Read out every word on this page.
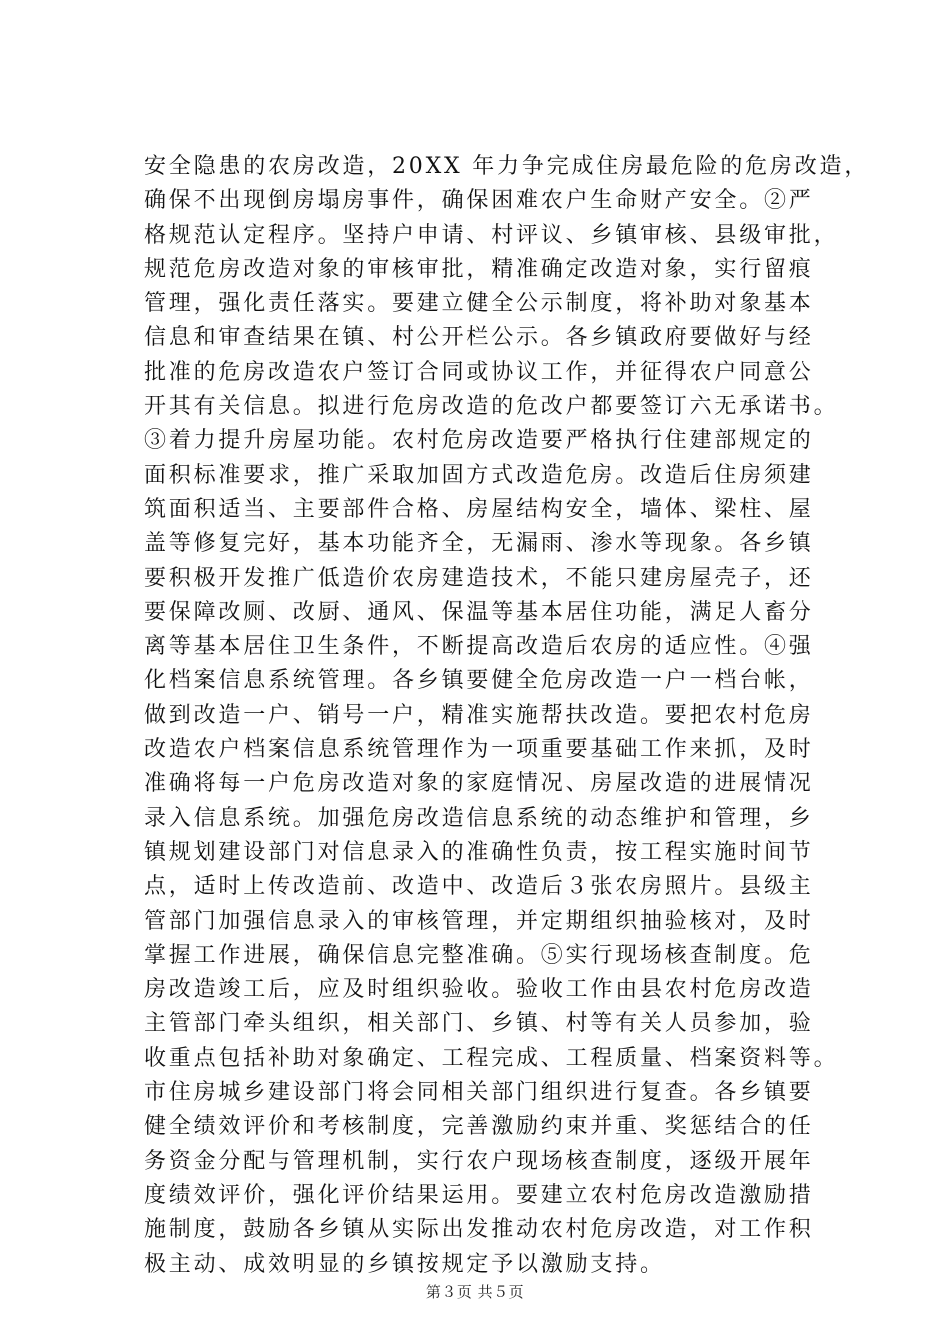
安全隐患的农房改造，20XX 年力争完成住房最危险的危房改造，
确保不出现倒房塌房事件，确保困难农户生命财产安全。②严
格规范认定程序。坚持户申请、村评议、乡镇审核、县级审批，
规范危房改造对象的审核审批，精准确定改造对象，实行留痕
管理，强化责任落实。要建立健全公示制度，将补助对象基本
信息和审查结果在镇、村公开栏公示。各乡镇政府要做好与经
批准的危房改造农户签订合同或协议工作，并征得农户同意公
开其有关信息。拟进行危房改造的危改户都要签订六无承诺书。
③着力提升房屋功能。农村危房改造要严格执行住建部规定的
面积标准要求，推广采取加固方式改造危房。改造后住房须建
筑面积适当、主要部件合格、房屋结构安全，墙体、梁柱、屋
盖等修复完好，基本功能齐全，无漏雨、渗水等现象。各乡镇
要积极开发推广低造价农房建造技术，不能只建房屋壳子，还
要保障改厕、改厨、通风、保温等基本居住功能，满足人畜分
离等基本居住卫生条件，不断提高改造后农房的适应性。④强
化档案信息系统管理。各乡镇要健全危房改造一户一档台帐，
做到改造一户、销号一户，精准实施帮扶改造。要把农村危房
改造农户档案信息系统管理作为一项重要基础工作来抓，及时
准确将每一户危房改造对象的家庭情况、房屋改造的进展情况
录入信息系统。加强危房改造信息系统的动态维护和管理，乡
镇规划建设部门对信息录入的准确性负责，按工程实施时间节
点，适时上传改造前、改造中、改造后３张农房照片。县级主
管部门加强信息录入的审核管理，并定期组织抽验核对，及时
掌握工作进展，确保信息完整准确。⑤实行现场核查制度。危
房改造竣工后，应及时组织验收。验收工作由县农村危房改造
主管部门牵头组织，相关部门、乡镇、村等有关人员参加，验
收重点包括补助对象确定、工程完成、工程质量、档案资料等。
市住房城乡建设部门将会同相关部门组织进行复查。各乡镇要
健全绩效评价和考核制度，完善激励约束并重、奖惩结合的任
务资金分配与管理机制，实行农户现场核查制度，逐级开展年
度绩效评价，强化评价结果运用。要建立农村危房改造激励措
施制度，鼓励各乡镇从实际出发推动农村危房改造，对工作积
极主动、成效明显的乡镇按规定予以激励支持。
第３页 共５页
